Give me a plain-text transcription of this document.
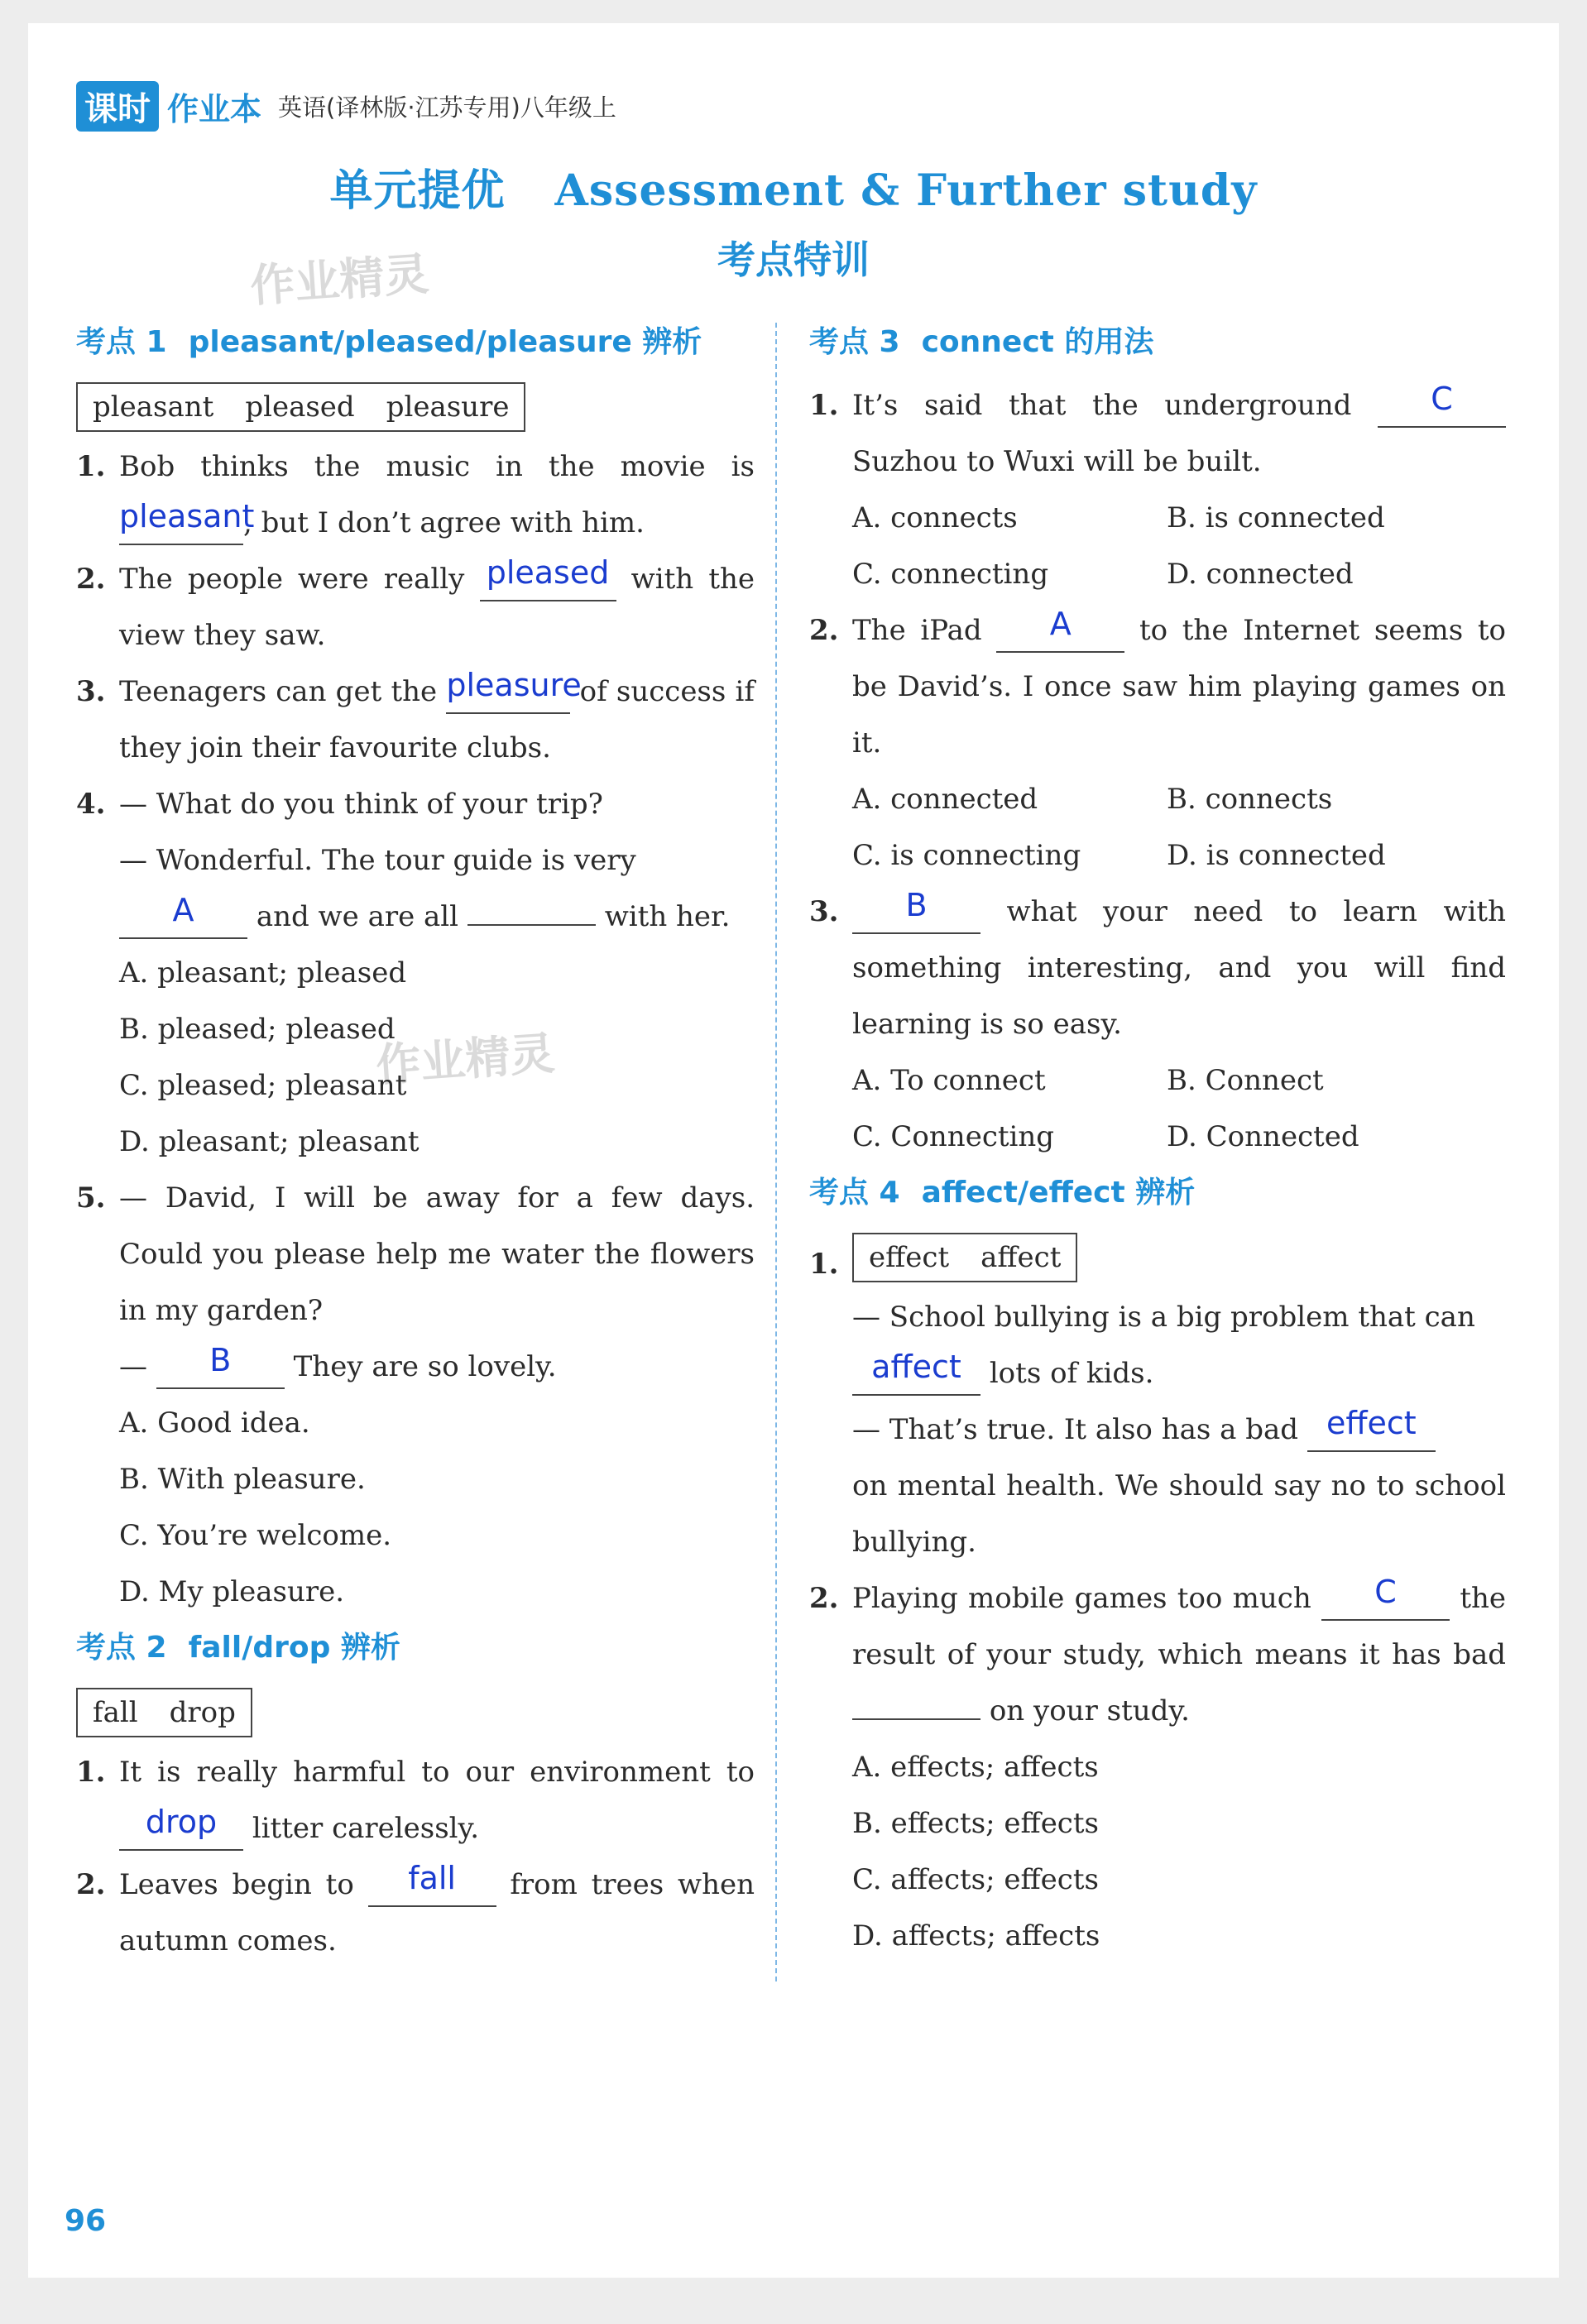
课时 作业本 英语(译林版·江苏专用)八年级上
单元提优 Assessment & Further study
考点特训
作业精灵
作业精灵
考点 1 pleasant/pleased/pleasure 辨析
pleasant pleased pleasure

1. Bob thinks the music in the movie is pleasant, but I don’t agree with him.

2. The people were really pleased with the view they saw.

3. Teenagers can get the pleasure of success if they join their favourite clubs.

4. — What do you think of your trip?

— Wonderful. The tour guide is very

A and we are all	with her.

A. pleasant; pleased

B. pleased; pleased

C. pleased; pleasant

D. pleasant; pleasant

5. — David, I will be away for a few days. Could you please help me water the flowers in my garden?

— B They are so lovely.

A. Good idea.

B. With pleasure.

C. You’re welcome.

D. My pleasure.

考点 2 fall/drop 辨析
fall drop

1. It is really harmful to our environment to drop litter carelessly.

2. Leaves begin to fall from trees when autumn comes.

考点 3 connect 的用法

1. It’s said that the underground	C Suzhou to Wuxi will be built.

A. connects	B. is connected

C. connecting	D. connected

2. The iPad A to the Internet seems to be David’s. I once saw him playing games on it.

A. connected	B. connects

C. is connecting	D. is connected

3. B	what your need to learn with something interesting, and you will find learning is so easy.

A. To connect	B. Connect

C. Connecting	D. Connected

考点 4 affect/effect 辨析
1. effect affect

— School bullying is a big problem that can

affect lots of kids.

— That’s true. It also has a bad effect

on mental health. We should say no to school bullying.

2. Playing mobile games too much C the result of your study, which means it has bad  on your study.

A. effects; affects

B. effects; effects

C. affects; effects

D. affects; affects

96
